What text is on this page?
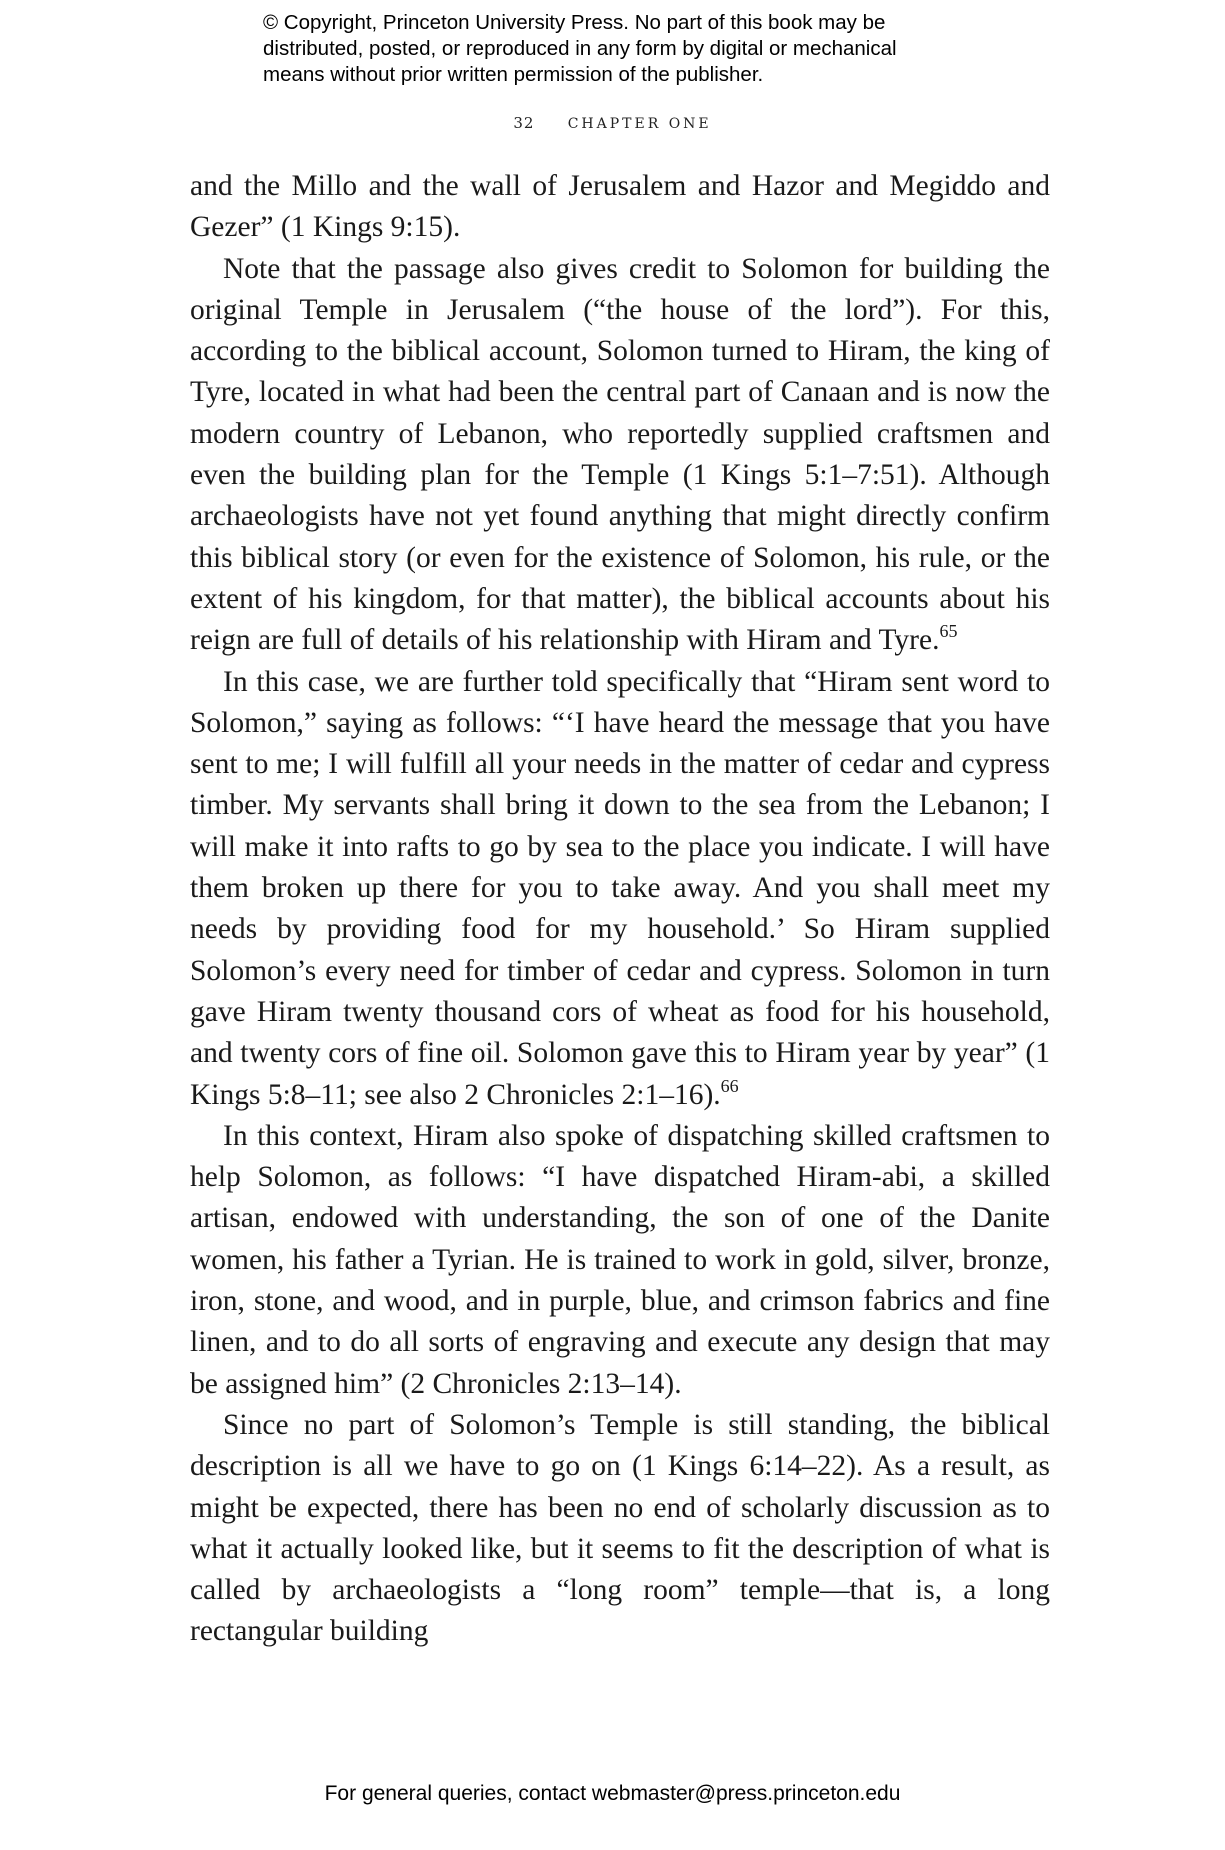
© Copyright, Princeton University Press. No part of this book may be
distributed, posted, or reproduced in any form by digital or mechanical
means without prior written permission of the publisher.
32 CHAPTER ONE

and the Millo and the wall of Jerusalem and Hazor and Megiddo and Gezer” (1 Kings 9:15).

Note that the passage also gives credit to Solomon for building the original Temple in Jerusalem (“the house of the lord”). For this, according to the biblical account, Solomon turned to Hiram, the king of Tyre, located in what had been the central part of Canaan and is now the modern country of Lebanon, who reportedly supplied craftsmen and even the building plan for the Temple (1 Kings 5:1–7:51). Although archaeologists have not yet found anything that might directly confirm this biblical story (or even for the existence of Solomon, his rule, or the extent of his kingdom, for that matter), the biblical accounts about his reign are full of details of his relationship with Hiram and Tyre.$^{65}$

In this case, we are further told specifically that “Hiram sent word to Solomon,” saying as follows: “‘I have heard the message that you have sent to me; I will fulfill all your needs in the matter of cedar and cypress timber. My servants shall bring it down to the sea from the Lebanon; I will make it into rafts to go by sea to the place you indicate. I will have them broken up there for you to take away. And you shall meet my needs by providing food for my household.’ So Hiram supplied Solomon’s every need for timber of cedar and cypress. Solomon in turn gave Hiram twenty thousand cors of wheat as food for his household, and twenty cors of fine oil. Solomon gave this to Hiram year by year” (1 Kings 5:8–11; see also 2 Chronicles 2:1–16).$^{66}$

In this context, Hiram also spoke of dispatching skilled craftsmen to help Solomon, as follows: “I have dispatched Hiram-abi, a skilled artisan, endowed with understanding, the son of one of the Danite women, his father a Tyrian. He is trained to work in gold, silver, bronze, iron, stone, and wood, and in purple, blue, and crimson fabrics and fine linen, and to do all sorts of engraving and execute any design that may be assigned him” (2 Chronicles 2:13–14).

Since no part of Solomon’s Temple is still standing, the biblical description is all we have to go on (1 Kings 6:14–22). As a result, as might be expected, there has been no end of scholarly discussion as to what it actually looked like, but it seems to fit the description of what is called by archaeologists a “long room” temple—that is, a long rectangular building

For general queries, contact webmaster@press.princeton.edu
